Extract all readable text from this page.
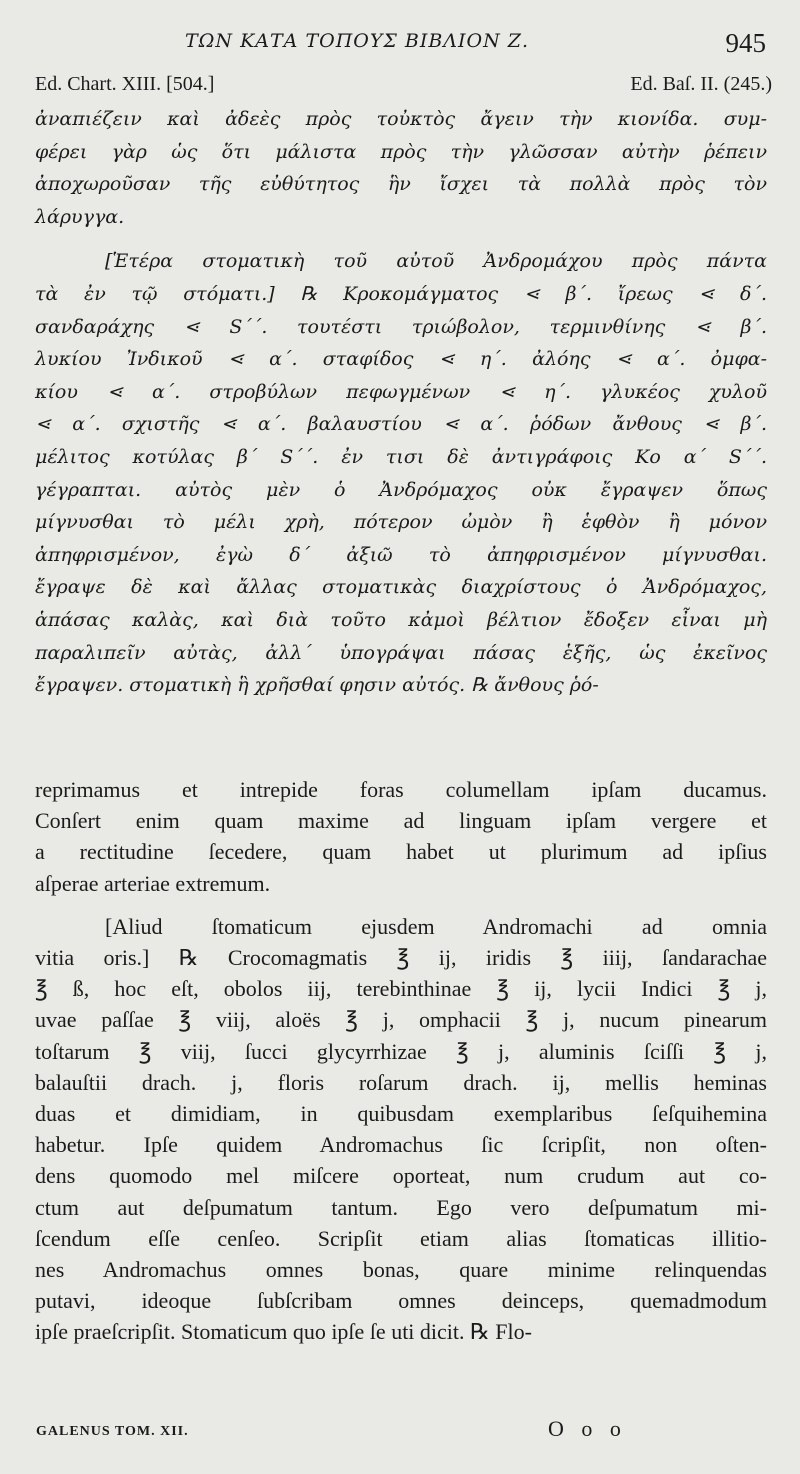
ΤΩΝ ΚΑΤΑ ΤΟΠΟΥΣ ΒΙΒΛΙΟΝ Ζ.	945
Ed. Chart. XIII. [504.]	Ed. Baſ. II. (245.)
ἀναπιέζειν καὶ ἀδεὲς πρὸς τοὐκτὸς ἄγειν τὴν κιονίδα. συμ-
φέρει γὰρ ὡς ὅτι μάλιστα πρὸς τὴν γλῶσσαν αὐτὴν ῥέπειν
ἀποχωροῦσαν τῆς εὐθύτητος ἣν ἴσχει τὰ πολλὰ πρὸς τὸν
λάρυγγα.
[Ἑτέρα στοματικὴ τοῦ αὐτοῦ Ἀνδρομάχου πρὸς πάντα
τὰ ἐν τῷ στόματι.] ℞ Κροκομάγματος ⋖ β΄. ἴρεως ⋖ δ΄.
σανδαράχης ⋖ S΄΄. τουτέστι τριώβολον, τερμινθίνης ⋖ β΄.
λυκίου Ἰνδικοῦ ⋖ α΄. σταφίδος ⋖ η΄. ἀλόης ⋖ α΄. ὀμφα-
κίου ⋖ α΄. στροβύλων πεφωγμένων ⋖ η΄. γλυκέος χυλοῦ
⋖ α΄. σχιστῆς ⋖ α΄. βαλαυστίου ⋖ α΄. ῥόδων ἄνθους ⋖ β΄.
μέλιτος κοτύλας β΄ S΄΄. ἐν τισι δὲ ἀντιγράφοις Κο α΄ S΄΄.
γέγραπται. αὐτὸς μὲν ὁ Ἀνδρόμαχος οὐκ ἔγραψεν ὅπως
μίγνυσθαι τὸ μέλι χρὴ, πότερον ὠμὸν ἢ ἑφθὸν ἢ μόνον
ἀπηφρισμένον, ἐγὼ δ΄ ἀξιῶ τὸ ἀπηφρισμένον μίγνυσθαι.
ἔγραψε δὲ καὶ ἄλλας στοματικὰς διαχρίστους ὁ Ἀνδρόμαχος,
ἁπάσας καλὰς, καὶ διὰ τοῦτο κἀμοὶ βέλτιον ἔδοξεν εἶναι μὴ
παραλιπεῖν αὐτὰς, ἀλλ΄ ὑπογράψαι πάσας ἑξῆς, ὡς ἐκεῖνος
ἔγραψεν. στοματικὴ ἣ χρῆσθαί φησιν αὐτός. ℞ ἄνθους ῥό-
reprimamus et intrepide foras columellam ipſam ducamus.
Conſert enim quam maxime ad linguam ipſam vergere et
a rectitudine ſecedere, quam habet ut plurimum ad ipſius
aſperae arteriae extremum.
[Aliud ſtomaticum ejusdem Andromachi ad omnia
vitia oris.] ℞ Crocomagmatis ℥ ij, iridis ℥ iiij, ſandarachae
℥ ß, hoc eſt, obolos iij, terebinthinae ℥ ij, lycii Indici ℥ j,
uvae paſſae ℥ viij, aloës ℥ j, omphacii ℥ j, nucum pinearum
toſtarum ℥ viij, ſucci glycyrrhizae ℥ j, aluminis ſciſſi ℥ j,
balauſtii drach. j, floris roſarum drach. ij, mellis heminas
duas et dimidiam, in quibusdam exemplaribus ſeſquihemina
habetur. Ipſe quidem Andromachus ſic ſcripſit, non oſten-
dens quomodo mel miſcere oporteat, num crudum aut co-
ctum aut deſpumatum tantum. Ego vero deſpumatum mi-
ſcendum eſſe cenſeo. Scripſit etiam alias ſtomaticas illitio-
nes Andromachus omnes bonas, quare minime relinquendas
putavi, ideoque ſubſcribam omnes deinceps, quemadmodum
ipſe praeſcripſit. Stomaticum quo ipſe ſe uti dicit. ℞ Flo-
GALENUS TOM. XII.	O o o
